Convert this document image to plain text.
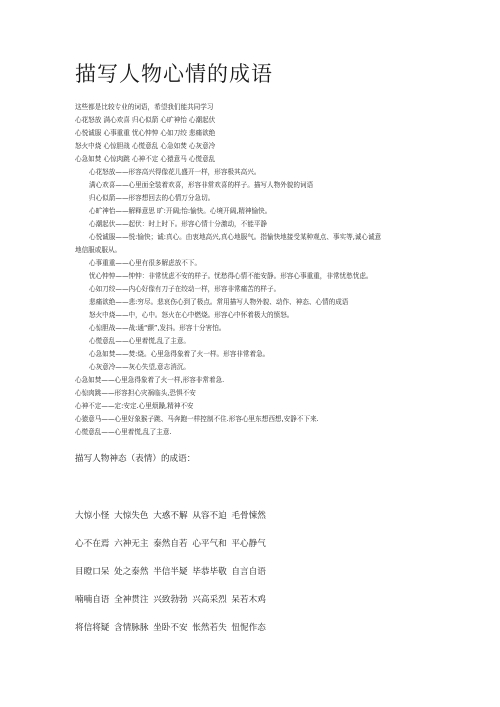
描写人物心情的成语
这些都是比较专业的词语，希望我们能共同学习
心花怒放 满心欢喜 归心似箭 心旷神怡 心潮起伏
心悦诚服 心事重重 忧心忡忡 心如刀绞 悲痛欲绝
怒火中烧 心惊胆战 心慌意乱 心急如焚 心灰意冷
心急如焚 心惊肉跳 心神不定 心猿意马 心慌意乱
心花怒放——形容高兴得像花儿盛开一样，形容极其高兴。
满心欢喜——心里面全装着欢喜，形容非常欢喜的样子。描写人物外貌的词语
归心似箭——形容想回去的心情万分急切。
心旷神怡——解释意思 旷:开阔;怡:愉快。心境开阔,精神愉快。
心潮起伏——起伏：时上时下。形容心情十分激动，不能平静
心悦诚服——悦:愉快；诚:真心。由衷地高兴,真心地服气。指愉快地接受某种观点、事实等,诚心诚意
地信服或服从。
心事重重——心里有很多解虑放不下。
忧心忡忡——忡忡：非常忧虑不安的样子。忧愁得心情不能安静。形容心事重重，非常忧愁忧虑。
心如刀绞——内心好像有刀子在绞动一样，形容非常痛苦的样子。
悲痛欲绝——悲:穷尽。悲哀伤心到了极点。常用描写人物外貌、动作、神态、心情的成语
怒火中烧——中，心中。怒火在心中燃烧。形容心中怀着极大的愤怒。
心惊胆战——战:通“颤”,发抖。形容十分害怕。
心慌意乱——心里着慌,乱了主意。
心急如焚——焚:烧。心里急得象着了火一样。形容非常着急。
心灰意冷——灰心失望,意志消沉。
心急如焚——心里急得象着了火一样,形容非常着急.
心惊肉跳——形容担心灾祸临头,恐惧不安
心神不定——定:安定.心里烦躁,精神不安
心猿意马——心里好象猴子跳、马奔跑一样控制不住.形容心里东想西想,安静不下来.
心慌意乱——心里着慌,乱了主意.
描写人物神态（表情）的成语：
大惊小怪 大惊失色 大惑不解 从容不迫 毛骨悚然
心不在焉 六神无主 泰然自若 心平气和 平心静气
目瞪口呆 处之泰然 半信半疑 毕恭毕敬 自言自语
喃喃自语 全神贯注 兴致勃勃 兴高采烈 呆若木鸡
将信将疑 含情脉脉 坐卧不安 怅然若失 忸怩作态
